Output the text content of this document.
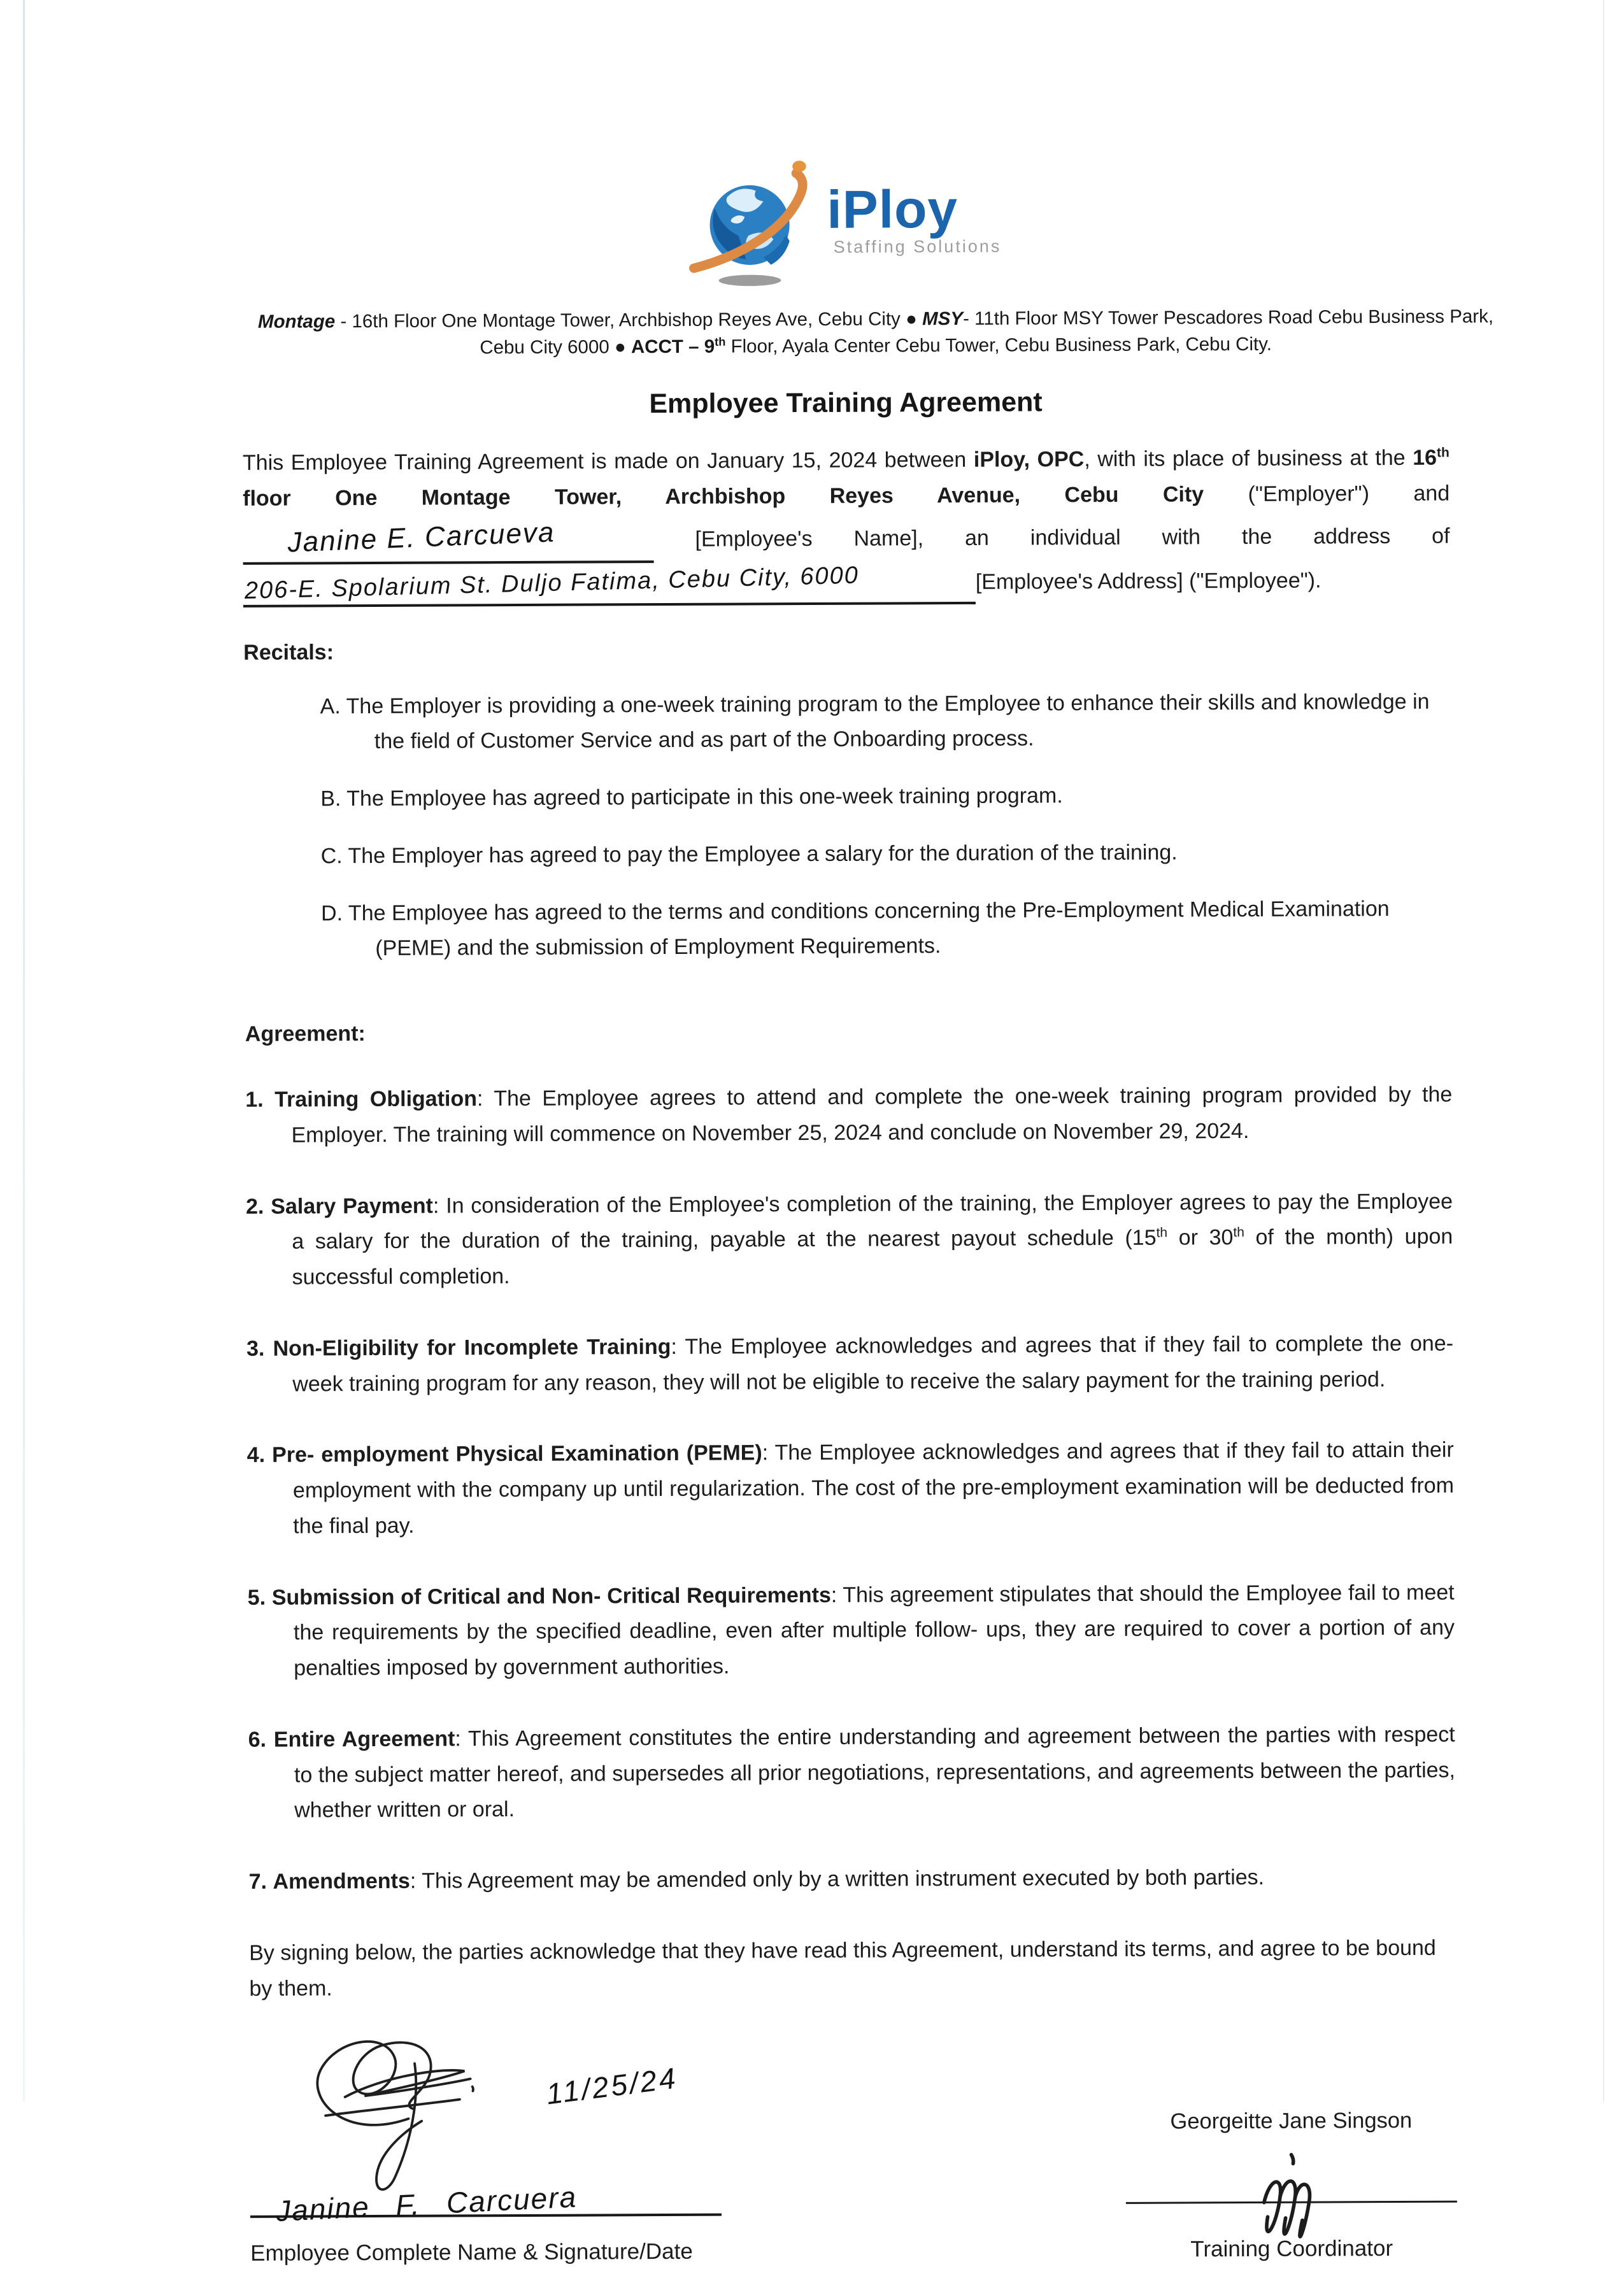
iPloy
Staffing Solutions
Montage - 16th Floor One Montage Tower, Archbishop Reyes Ave, Cebu City ● MSY- 11th Floor MSY Tower Pescadores Road Cebu Business Park, Cebu City 6000 ● ACCT – 9th Floor, Ayala Center Cebu Tower, Cebu Business Park, Cebu City.
Employee Training Agreement

This Employee Training Agreement is made on January 15, 2024 between iPloy, OPC, with its place of business at the 16th floor One Montage Tower, Archbishop Reyes Avenue, Cebu City ("Employer") and Janine E. Carcueva	[Employee's Name], an individual with the address of 206-E. Spolarium St. Duljo Fatima, Cebu City, 6000	[Employee's Address] ("Employee").

Recitals:

A. The Employer is providing a one-week training program to the Employee to enhance their skills and knowledge in the field of Customer Service and as part of the Onboarding process.

B. The Employee has agreed to participate in this one-week training program.

C. The Employer has agreed to pay the Employee a salary for the duration of the training.

D. The Employee has agreed to the terms and conditions concerning the Pre-Employment Medical Examination (PEME) and the submission of Employment Requirements.

Agreement:

1. Training Obligation: The Employee agrees to attend and complete the one-week training program provided by the Employer. The training will commence on November 25, 2024 and conclude on November 29, 2024.

2. Salary Payment: In consideration of the Employee's completion of the training, the Employer agrees to pay the Employee a salary for the duration of the training, payable at the nearest payout schedule (15th or 30th of the month) upon successful completion.

3. Non-Eligibility for Incomplete Training: The Employee acknowledges and agrees that if they fail to complete the one-week training program for any reason, they will not be eligible to receive the salary payment for the training period.

4. Pre- employment Physical Examination (PEME): The Employee acknowledges and agrees that if they fail to attain their employment with the company up until regularization. The cost of the pre-employment examination will be deducted from the final pay.

5. Submission of Critical and Non- Critical Requirements: This agreement stipulates that should the Employee fail to meet the requirements by the specified deadline, even after multiple follow- ups, they are required to cover a portion of any penalties imposed by government authorities.

6. Entire Agreement: This Agreement constitutes the entire understanding and agreement between the parties with respect to the subject matter hereof, and supersedes all prior negotiations, representations, and agreements between the parties, whether written or oral.

7. Amendments: This Agreement may be amended only by a written instrument executed by both parties.

By signing below, the parties acknowledge that they have read this Agreement, understand its terms, and agree to be bound by them.

11/25/24
Janine F. Carcuera
Employee Complete Name & Signature/Date
Georgeitte Jane Singson
Training Coordinator
